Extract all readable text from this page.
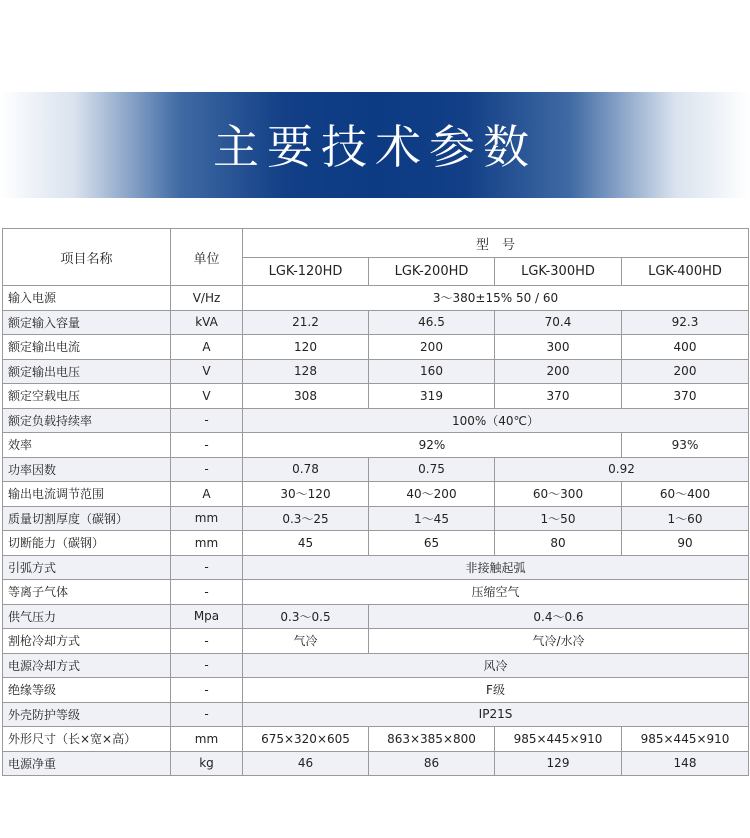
主要技术参数
项目名称	单位	型　号			
		LGK-120HD	LGK-200HD	LGK-300HD	LGK-400HD
输入电源	V/Hz	3～380±15% 50 / 60			
额定输入容量	kVA	21.2	46.5	70.4	92.3
额定输出电流	A	120	200	300	400
额定输出电压	V	128	160	200	200
额定空载电压	V	308	319	370	370
额定负载持续率	-	100%（40℃）			
效率	-	92%			93%
功率因数	-	0.78	0.75	0.92	
输出电流调节范围	A	30～120	40～200	60～300	60～400
质量切割厚度（碳钢）	mm	0.3～25	1～45	1～50	1～60
切断能力（碳钢）	mm	45	65	80	90
引弧方式	-	非接触起弧			
等离子气体	-	压缩空气			
供气压力	Mpa	0.3～0.5	0.4～0.6		
割枪冷却方式	-	气冷	气冷/水冷		
电源冷却方式	-	风冷			
绝缘等级	-	F级			
外壳防护等级	-	IP21S			
外形尺寸（长×宽×高）	mm	675×320×605	863×385×800	985×445×910	985×445×910
电源净重	kg	46	86	129	148
